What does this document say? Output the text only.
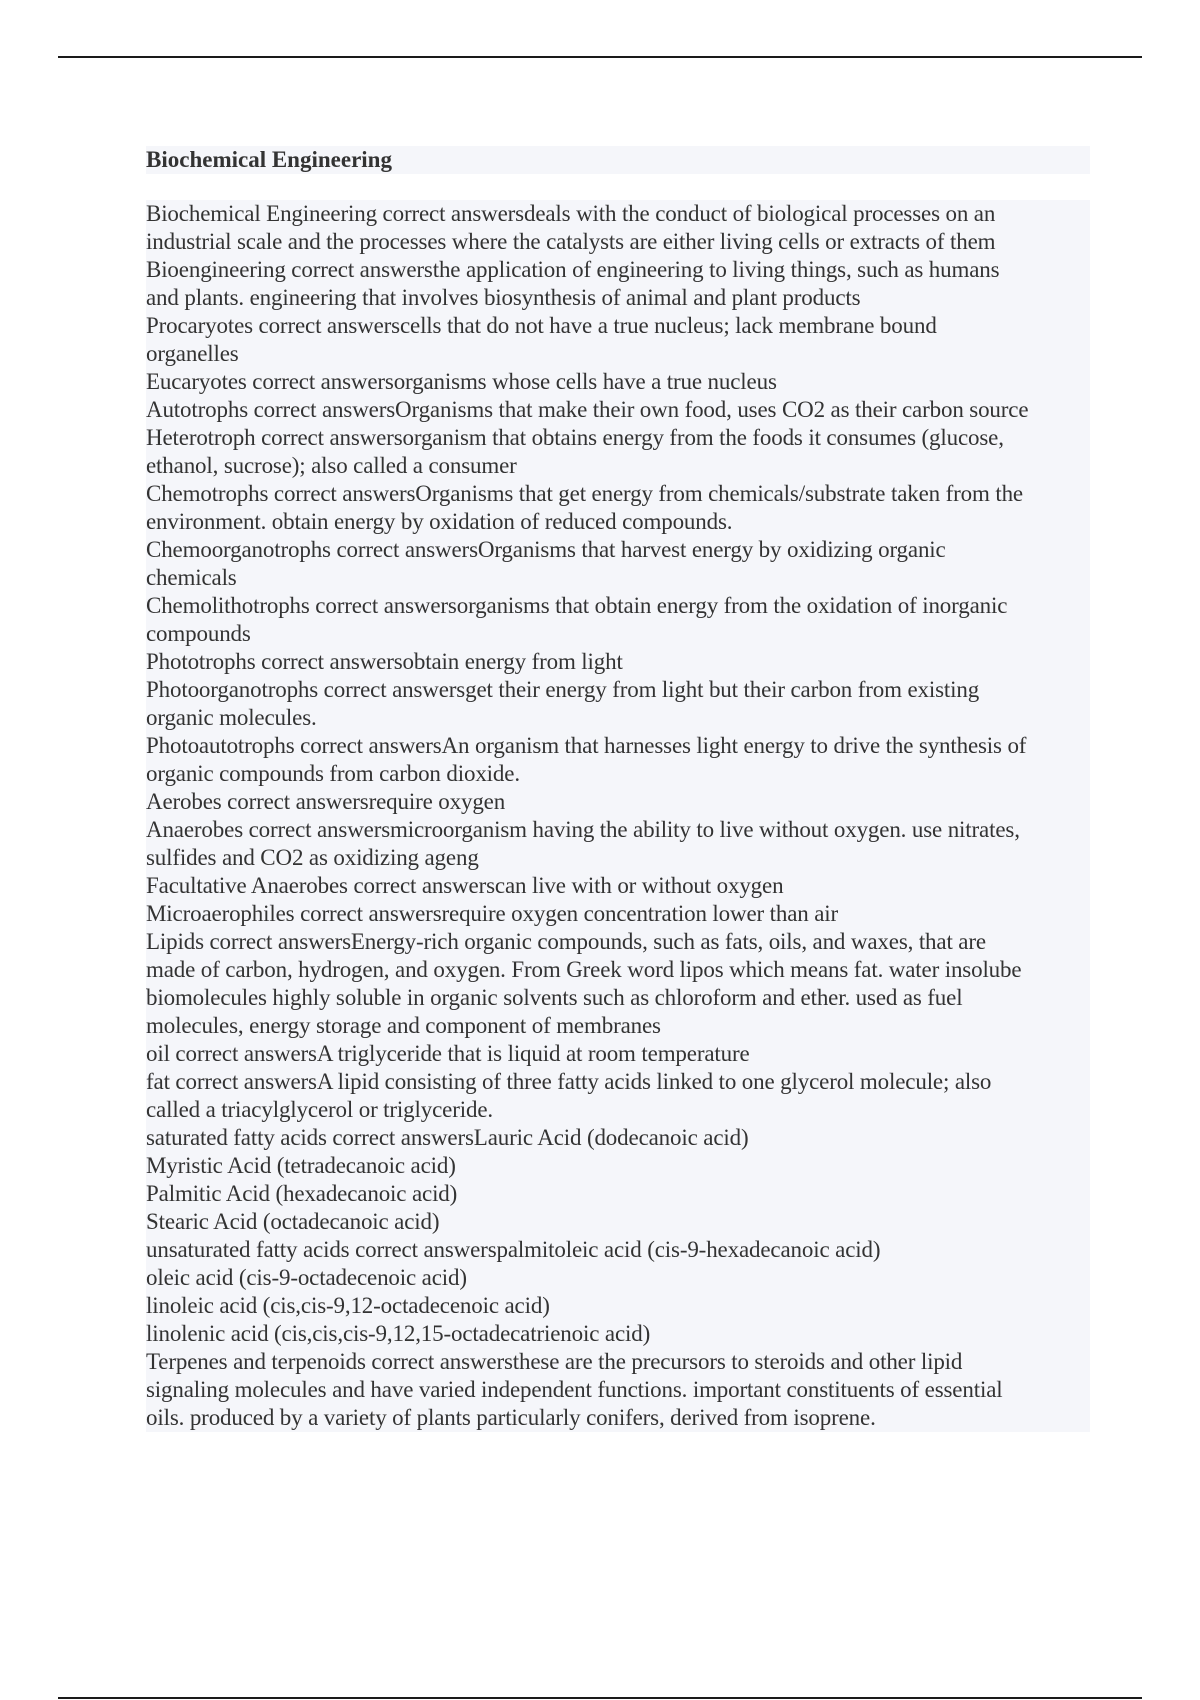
Biochemical Engineering
Biochemical Engineering correct answersdeals with the conduct of biological processes on an
industrial scale and the processes where the catalysts are either living cells or extracts of them
Bioengineering correct answersthe application of engineering to living things, such as humans
and plants. engineering that involves biosynthesis of animal and plant products
Procaryotes correct answerscells that do not have a true nucleus; lack membrane bound
organelles
Eucaryotes correct answersorganisms whose cells have a true nucleus
Autotrophs correct answersOrganisms that make their own food, uses CO2 as their carbon source
Heterotroph correct answersorganism that obtains energy from the foods it consumes (glucose,
ethanol, sucrose); also called a consumer
Chemotrophs correct answersOrganisms that get energy from chemicals/substrate taken from the
environment. obtain energy by oxidation of reduced compounds.
Chemoorganotrophs correct answersOrganisms that harvest energy by oxidizing organic
chemicals
Chemolithotrophs correct answersorganisms that obtain energy from the oxidation of inorganic
compounds
Phototrophs correct answersobtain energy from light
Photoorganotrophs correct answersget their energy from light but their carbon from existing
organic molecules.
Photoautotrophs correct answersAn organism that harnesses light energy to drive the synthesis of
organic compounds from carbon dioxide.
Aerobes correct answersrequire oxygen
Anaerobes correct answersmicroorganism having the ability to live without oxygen. use nitrates,
sulfides and CO2 as oxidizing ageng
Facultative Anaerobes correct answerscan live with or without oxygen
Microaerophiles correct answersrequire oxygen concentration lower than air
Lipids correct answersEnergy-rich organic compounds, such as fats, oils, and waxes, that are
made of carbon, hydrogen, and oxygen. From Greek word lipos which means fat. water insolube
biomolecules highly soluble in organic solvents such as chloroform and ether. used as fuel
molecules, energy storage and component of membranes
oil correct answersA triglyceride that is liquid at room temperature
fat correct answersA lipid consisting of three fatty acids linked to one glycerol molecule; also
called a triacylglycerol or triglyceride.
saturated fatty acids correct answersLauric Acid (dodecanoic acid)
Myristic Acid (tetradecanoic acid)
Palmitic Acid (hexadecanoic acid)
Stearic Acid (octadecanoic acid)
unsaturated fatty acids correct answerspalmitoleic acid (cis-9-hexadecanoic acid)
oleic acid (cis-9-octadecenoic acid)
linoleic acid (cis,cis-9,12-octadecenoic acid)
linolenic acid (cis,cis,cis-9,12,15-octadecatrienoic acid)
Terpenes and terpenoids correct answersthese are the precursors to steroids and other lipid
signaling molecules and have varied independent functions. important constituents of essential
oils. produced by a variety of plants particularly conifers, derived from isoprene.
